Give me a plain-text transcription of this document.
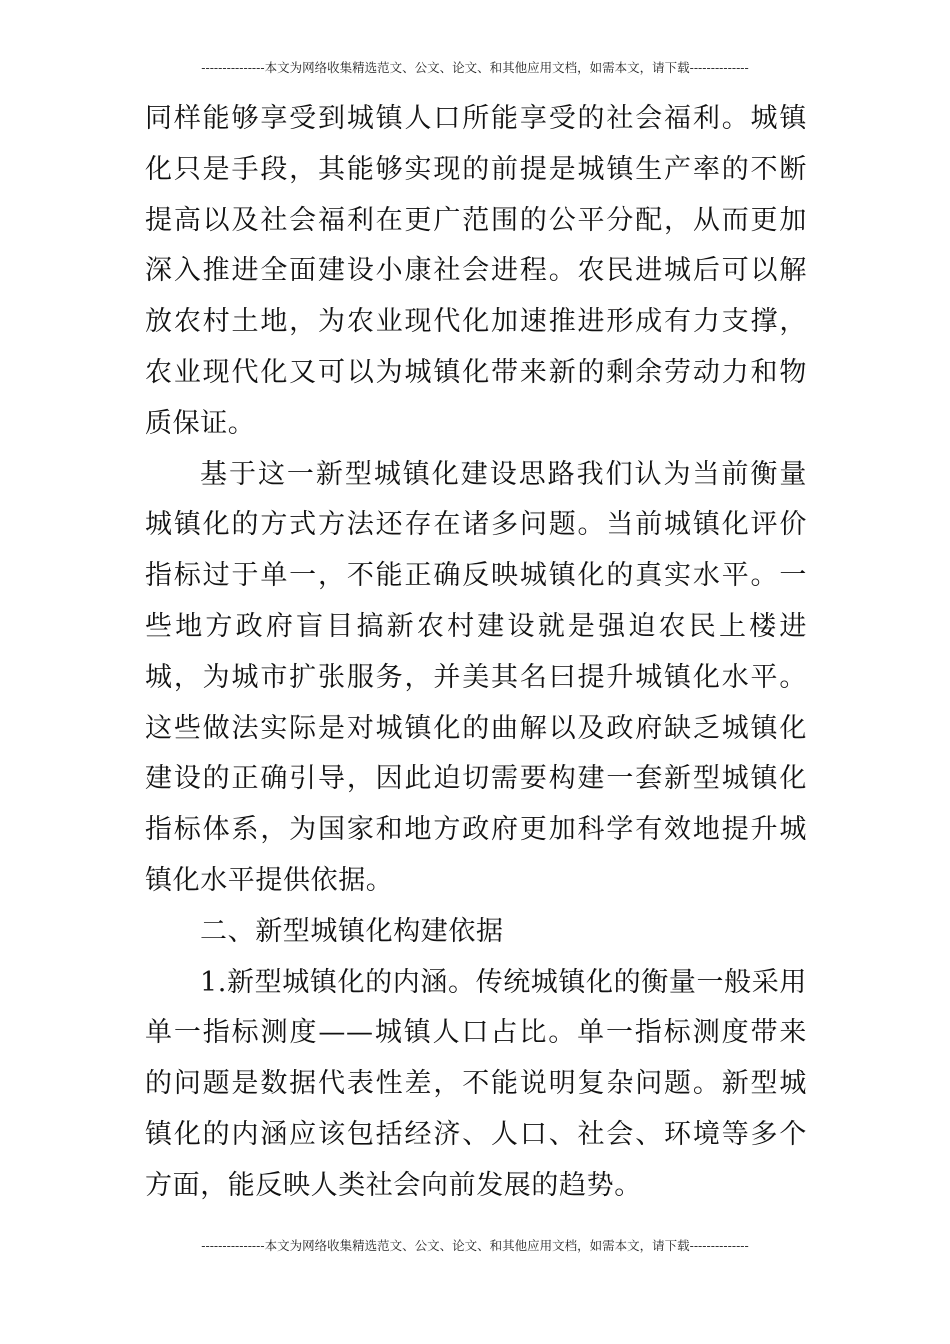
---------------本文为网络收集精选范文、公文、论文、和其他应用文档，如需本文，请下载--------------

同样能够享受到城镇人口所能享受的社会福利。城镇化只是手段，其能够实现的前提是城镇生产率的不断提高以及社会福利在更广范围的公平分配，从而更加深入推进全面建设小康社会进程。农民进城后可以解放农村土地，为农业现代化加速推进形成有力支撑，农业现代化又可以为城镇化带来新的剩余劳动力和物质保证。

基于这一新型城镇化建设思路我们认为当前衡量城镇化的方式方法还存在诸多问题。当前城镇化评价指标过于单一，不能正确反映城镇化的真实水平。一些地方政府盲目搞新农村建设就是强迫农民上楼进城，为城市扩张服务，并美其名曰提升城镇化水平。这些做法实际是对城镇化的曲解以及政府缺乏城镇化建设的正确引导，因此迫切需要构建一套新型城镇化指标体系，为国家和地方政府更加科学有效地提升城镇化水平提供依据。

二、新型城镇化构建依据

1.新型城镇化的内涵。传统城镇化的衡量一般采用单一指标测度——城镇人口占比。单一指标测度带来的问题是数据代表性差，不能说明复杂问题。新型城镇化的内涵应该包括经济、人口、社会、环境等多个方面，能反映人类社会向前发展的趋势。

---------------本文为网络收集精选范文、公文、论文、和其他应用文档，如需本文，请下载--------------
